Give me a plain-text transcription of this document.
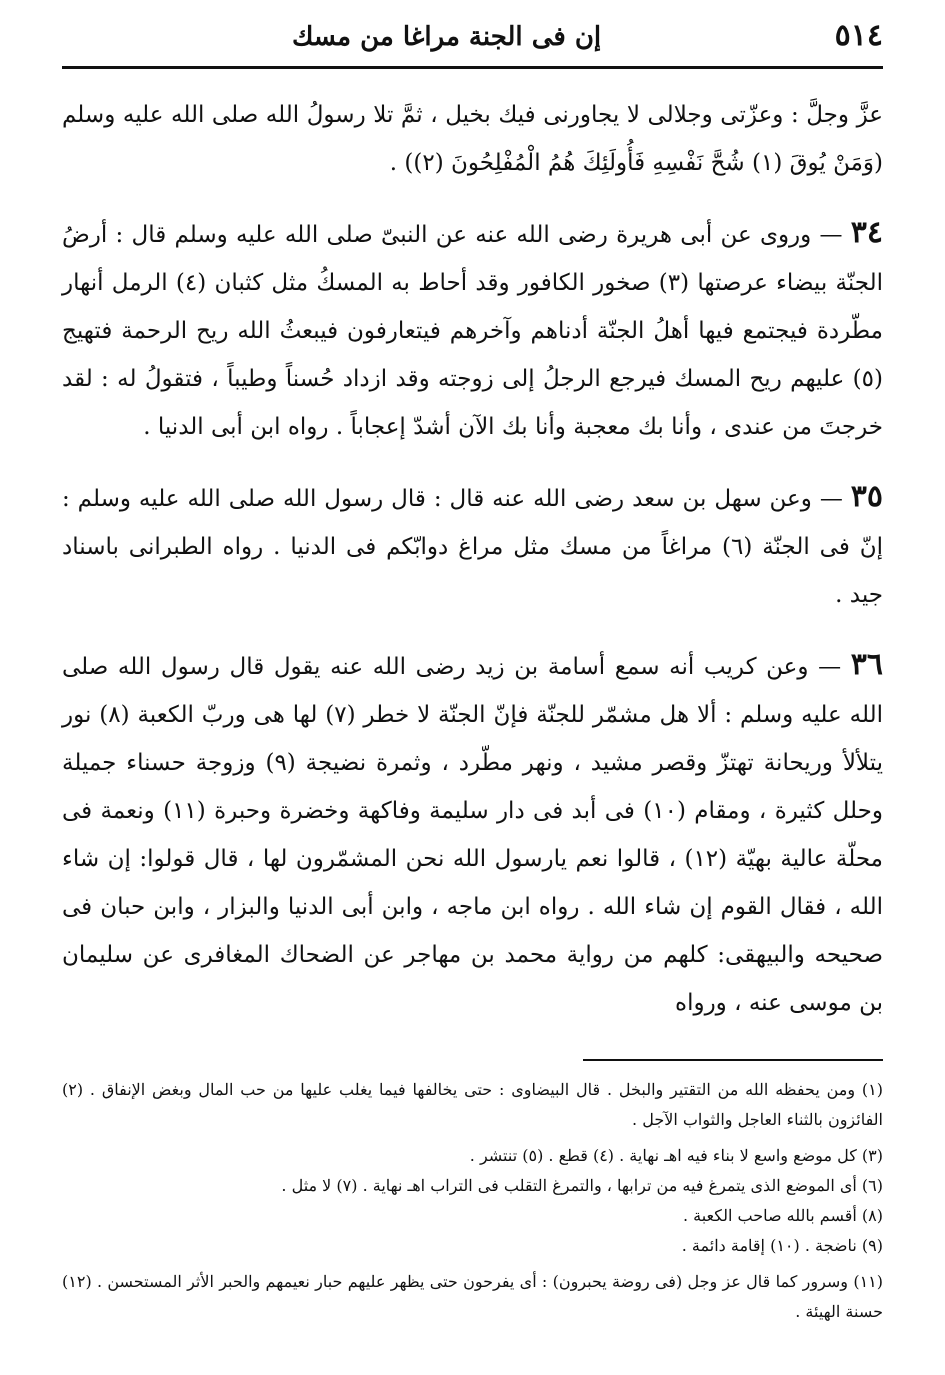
٥١٤
إن فى الجنة مراغا من مسك

عزَّ وجلَّ : وعزّتى وجلالى لا يجاورنى فيك بخيل ، ثمَّ تلا رسولُ الله صلى الله عليه وسلم (وَمَنْ يُوقَ (١) شُحَّ نَفْسِهِ فَأُولَئِكَ هُمُ الْمُفْلِحُونَ (٢)) .

٣٤ — وروى عن أبى هريرة رضى الله عنه عن النبىّ صلى الله عليه وسلم قال : أرضُ الجنّة بيضاء عرصتها (٣) صخور الكافور وقد أحاط به المسكُ مثل كثبان (٤) الرمل أنهار مطّردة فيجتمع فيها أهلُ الجنّة أدناهم وآخرهم فيتعارفون فيبعثُ الله ريح الرحمة فتهيج (٥) عليهم ريح المسك فيرجع الرجلُ إلى زوجته وقد ازداد حُسناً وطيباً ، فتقولُ له : لقد خرجتَ من عندى ، وأنا بك معجبة وأنا بك الآن أشدّ إعجاباً . رواه ابن أبى الدنيا .

٣٥ — وعن سهل بن سعد رضى الله عنه قال : قال رسول الله صلى الله عليه وسلم : إنّ فى الجنّة (٦) مراغاً من مسك مثل مراغ دوابّكم فى الدنيا . رواه الطبرانى باسناد جيد .

٣٦ — وعن كريب أنه سمع أسامة بن زيد رضى الله عنه يقول قال رسول الله صلى الله عليه وسلم : ألا هل مشمّر للجنّة فإنّ الجنّة لا خطر (٧) لها هى وربّ الكعبة (٨) نور يتلألأ وريحانة تهتزّ وقصر مشيد ، ونهر مطّرد ، وثمرة نضيجة (٩) وزوجة حسناء جميلة وحلل كثيرة ، ومقام (١٠) فى أبد فى دار سليمة وفاكهة وخضرة وحبرة (١١) ونعمة فى محلّة عالية بهيّة (١٢) ، قالوا نعم يارسول الله نحن المشمّرون لها ، قال قولوا: إن شاء الله ، فقال القوم إن شاء الله . رواه ابن ماجه ، وابن أبى الدنيا والبزار ، وابن حبان فى صحيحه والبيهقى: كلهم من رواية محمد بن مهاجر عن الضحاك المغافرى عن سليمان بن موسى عنه ، ورواه

(١) ومن يحفظه الله من التقتير والبخل . قال البيضاوى : حتى يخالفها فيما يغلب عليها من حب المال وبغض الإنفاق . (٢) الفائزون بالثناء العاجل والثواب الآجل .

(٣) كل موضع واسع لا بناء فيه اهـ نهاية . (٤) قطع . (٥) تنتشر .

(٦) أى الموضع الذى يتمرغ فيه من ترابها ، والتمرغ التقلب فى التراب اهـ نهاية . (٧) لا مثل .

(٨) أقسم بالله صاحب الكعبة .

(٩) ناضجة . (١٠) إقامة دائمة .

(١١) وسرور كما قال عز وجل (فى روضة يحبرون) : أى يفرحون حتى يظهر عليهم حبار نعيمهم والحبر الأثر المستحسن . (١٢) حسنة الهيئة .
